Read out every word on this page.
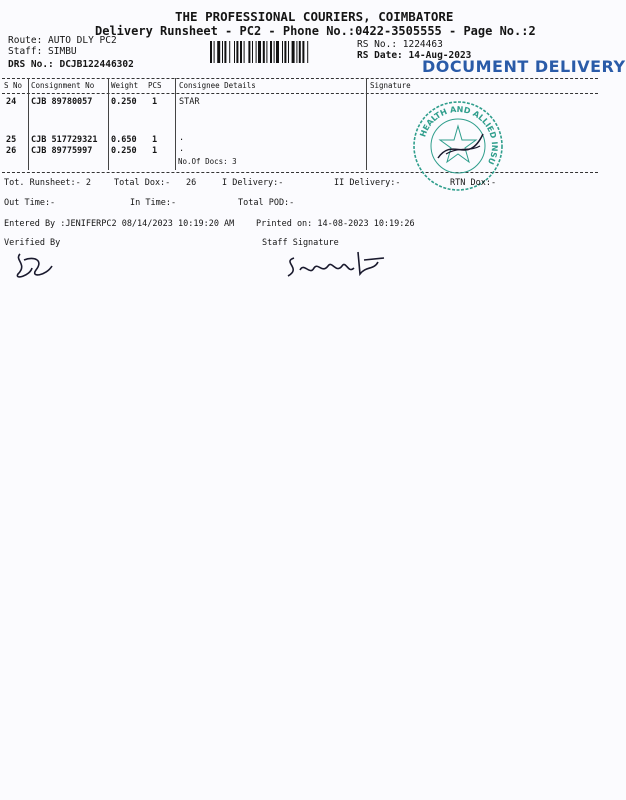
THE PROFESSIONAL COURIERS, COIMBATORE
Delivery Runsheet - PC2 - Phone No.:0422-3505555 - Page No.:2
Route: AUTO DLY PC2
Staff: SIMBU
DRS No.: DCJB122446302
RS No.: 1224463
RS Date: 14-Aug-2023
DOCUMENT DELIVERY
S No Consignment No Weight PCS Consignee Details	Signature
24 CJB 89780057 0.250 1	STAR
25 CJB 517729321 0.650 1	.
26 CJB 89775997 0.250 1	.
No.Of Docs: 3
HEALTH AND ALLIED INSU
Tot. Runsheet:- 2	Total Dox:- 26	I Delivery:-	II Delivery:-	RTN Dox:-
Out Time:-	In Time:-	Total POD:-
Entered By :JENIFERPC2 08/14/2023 10:19:20 AM	Printed on: 14-08-2023 10:19:26
Verified By	Staff Signature
